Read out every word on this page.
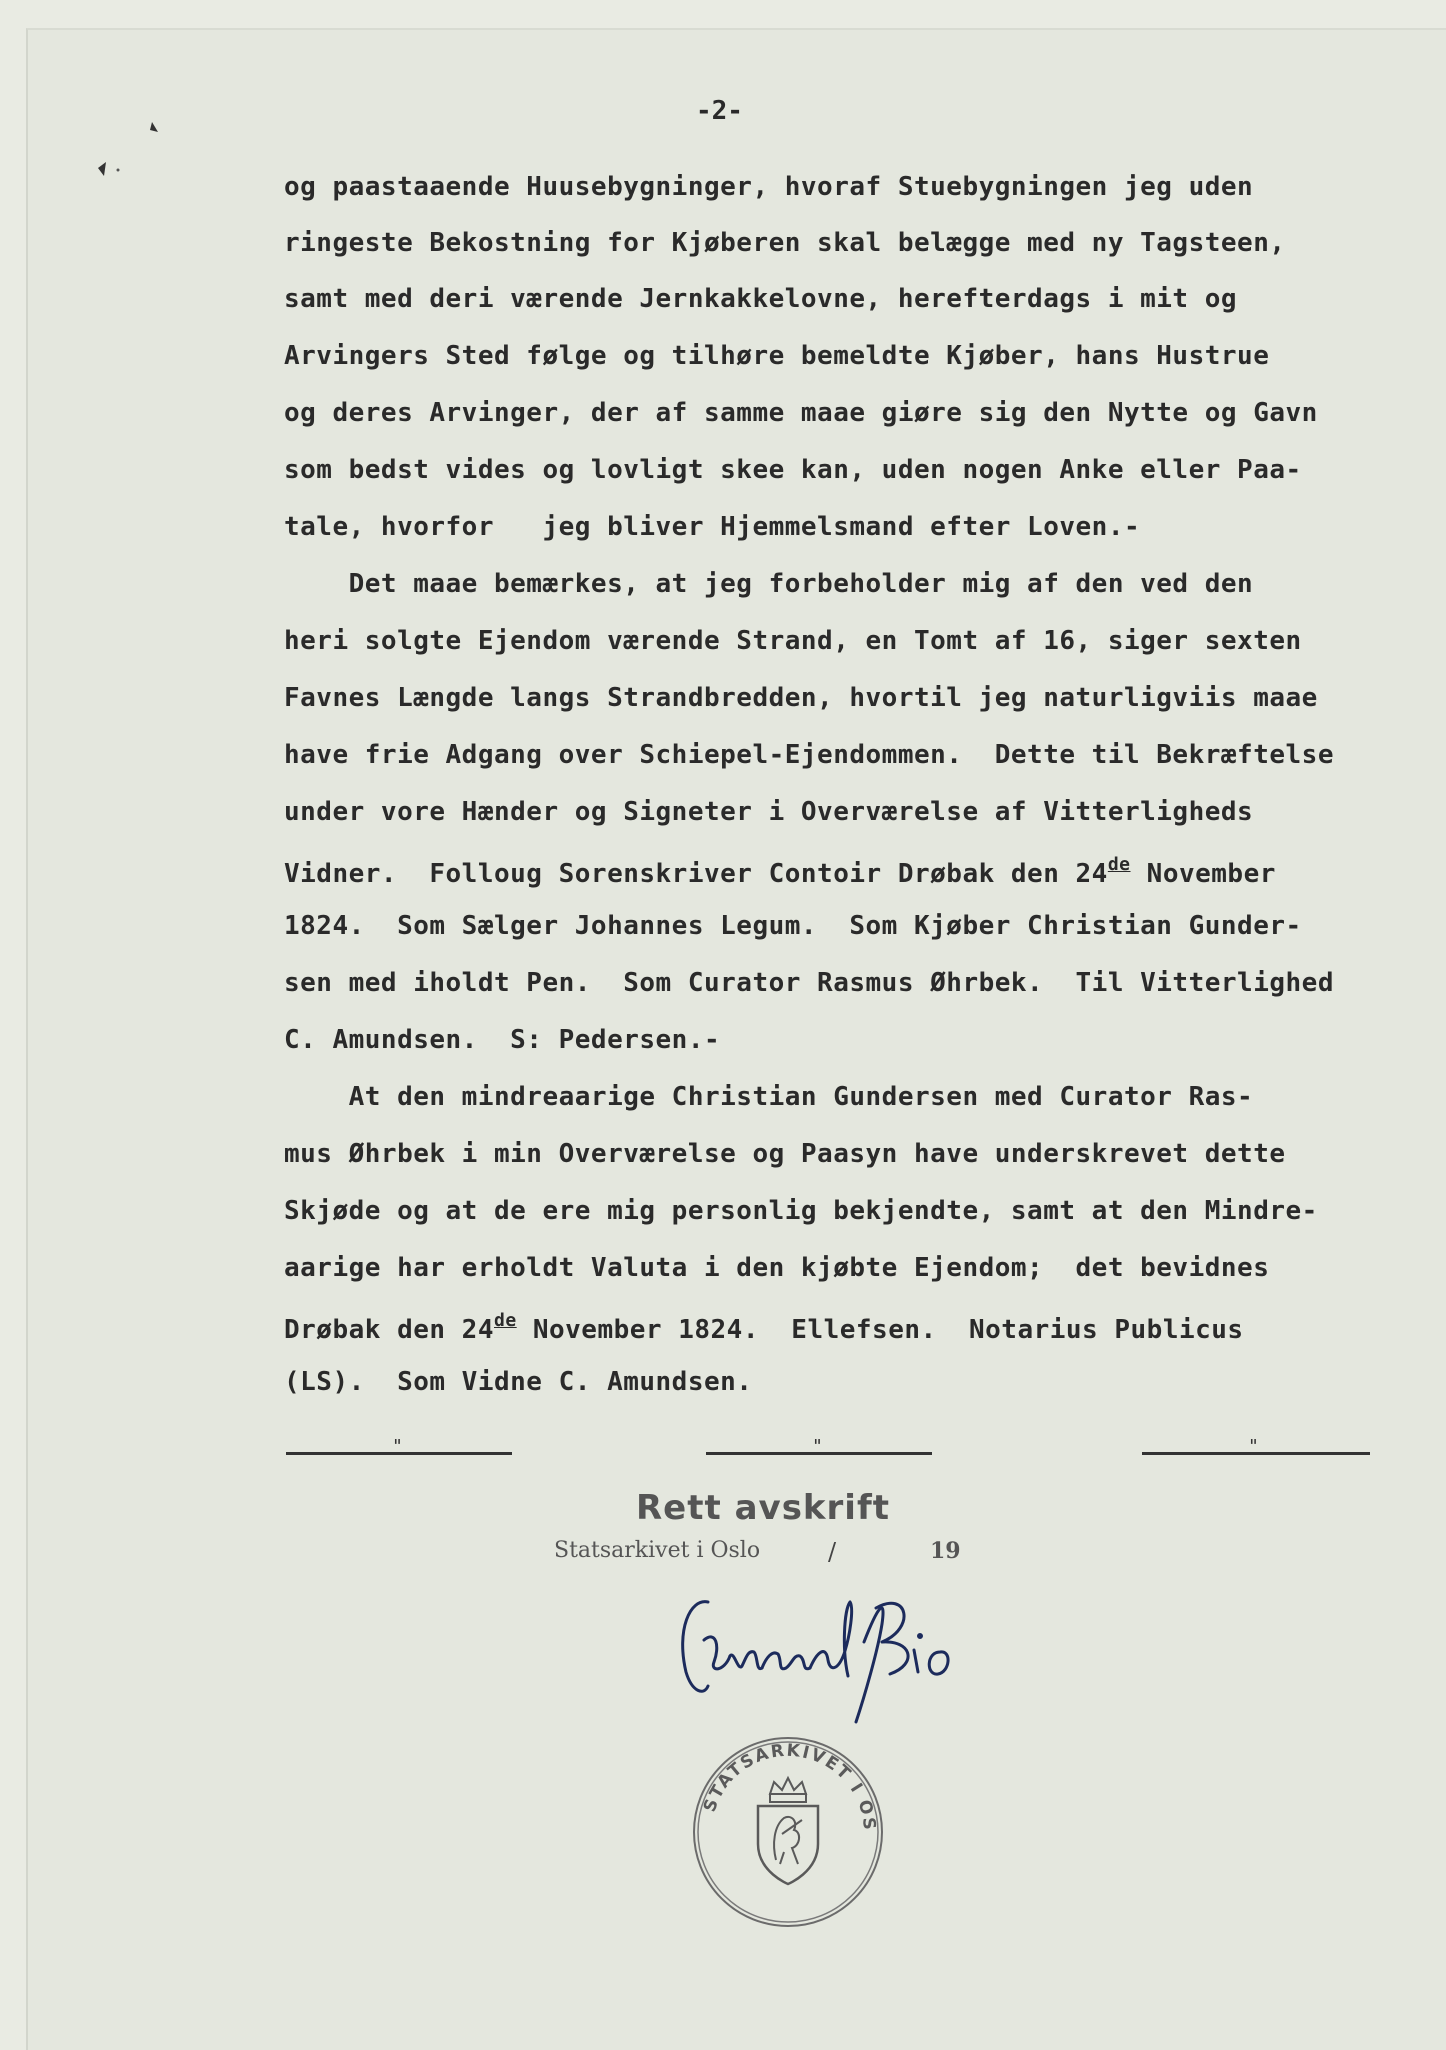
-2-

og paastaaende Huusebygninger, hvoraf Stuebygningen jeg uden

ringeste Bekostning for Kjøberen skal belægge med ny Tagsteen,

samt med deri værende Jernkakkelovne, herefterdags i mit og

Arvingers Sted følge og tilhøre bemeldte Kjøber, hans Hustrue

og deres Arvinger, der af samme maae giøre sig den Nytte og Gavn

som bedst vides og lovligt skee kan, uden nogen Anke eller Paa-

tale, hvorfor   jeg bliver Hjemmelsmand efter Loven.-

Det maae bemærkes, at jeg forbeholder mig af den ved den

heri solgte Ejendom værende Strand, en Tomt af 16, siger sexten

Favnes Længde langs Strandbredden, hvortil jeg naturligviis maae

have frie Adgang over Schiepel-Ejendommen.  Dette til Bekræftelse

under vore Hænder og Signeter i Overværelse af Vitterligheds

Vidner.  Folloug Sorenskriver Contoir Drøbak den 24de November

1824.  Som Sælger Johannes Legum.  Som Kjøber Christian Gunder-

sen med iholdt Pen.  Som Curator Rasmus Øhrbek.  Til Vitterlighed

C. Amundsen.  S: Pedersen.-

At den mindreaarige Christian Gundersen med Curator Ras-

mus Øhrbek i min Overværelse og Paasyn have underskrevet dette

Skjøde og at de ere mig personlig bekjendte, samt at den Mindre-

aarige har erholdt Valuta i den kjøbte Ejendom;  det bevidnes

Drøbak den 24de November 1824.  Ellefsen.  Notarius Publicus

(LS).  Som Vidne C. Amundsen.

"	"	"
Rett avskrift
Statsarkivet i Oslo	/	19
STATSARKIVET I OS
